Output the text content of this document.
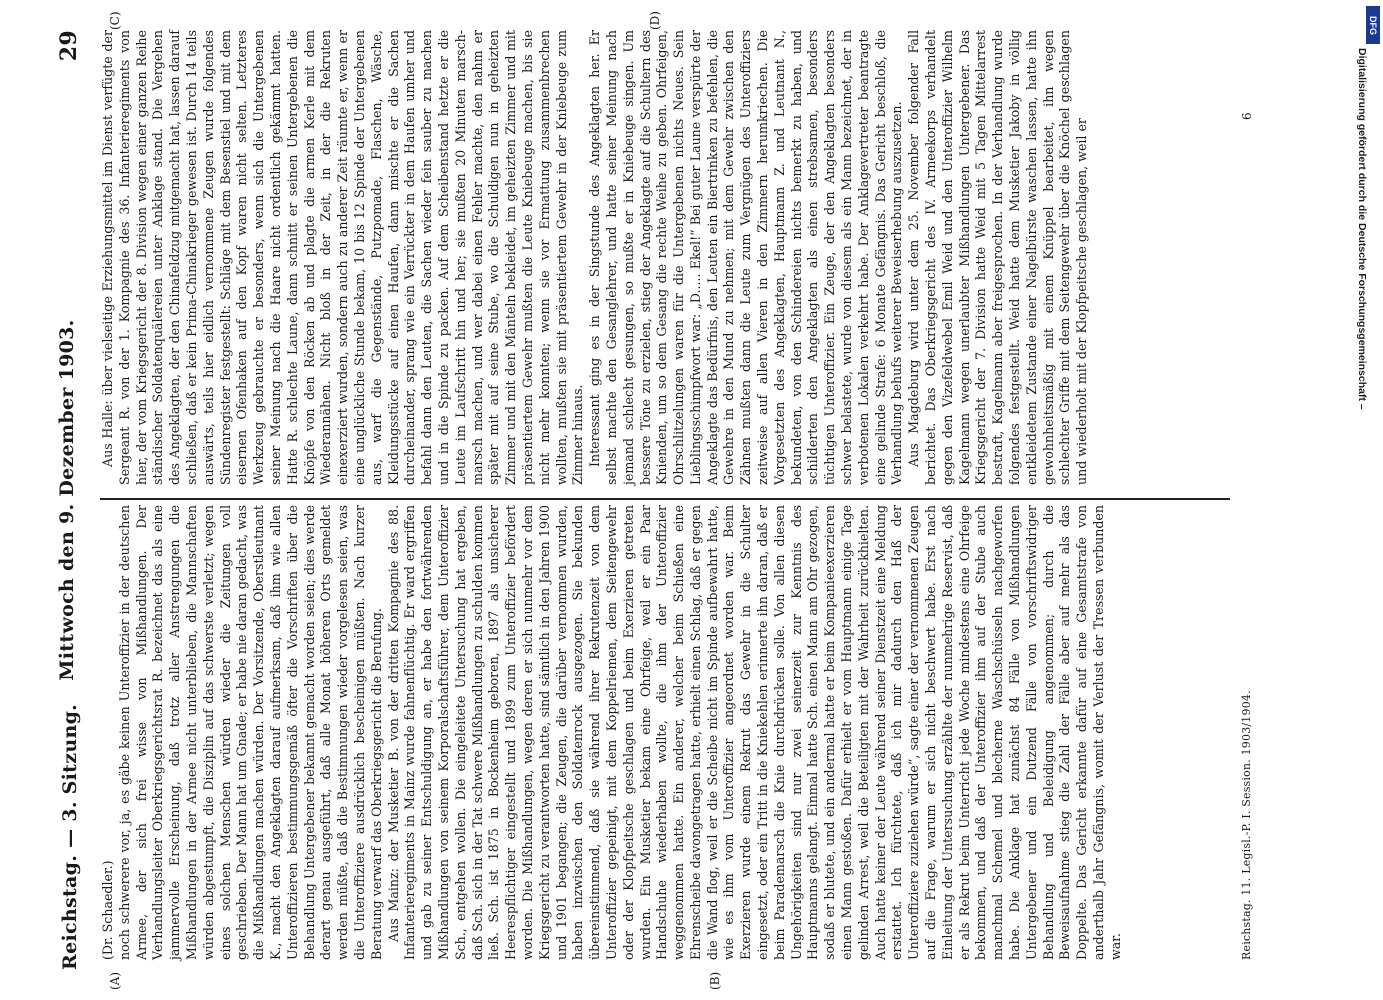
Reichstag. — 3. Sitzung.
Mittwoch den 9. Dezember 1903.
29
(A)	(B)
(C)	(D)

(Dr. Schaedler.) noch schwerere vor, ja, es gäbe keinen Unteroffizier in der deutschen Armee, der sich frei wisse von Mißhandlungen. Der Verhandlungsleiter Oberkriegsgerichtsrat R. bezeichnet das als eine jammervolle Erscheinung, daß trotz aller Anstrengungen die Mißhandlungen in der Armee nicht unterblieben, die Mannschaften würden abgestumpft, die Disziplin auf das schwerste verletzt; wegen eines solchen Menschen würden wieder die Zeitungen voll geschrieben. Der Mann hat um Gnade; er habe nie daran gedacht, was die Mißhandlungen machen würden. Der Vorsitzende, Oberstleutnant K., macht den Angeklagten darauf aufmerksam, daß ihm wie allen Unteroffizieren bestimmungsgemäß öfter die Vorschriften über die Behandlung Untergebener bekannt gemacht worden seien; dies werde derart genau ausgeführt, daß alle Monat höheren Orts gemeldet werden müßte, daß die Bestimmungen wieder vorgelesen seien, was die Unteroffiziere ausdrücklich bescheinigen müßten. Nach kurzer Beratung verwarf das Oberkriegsgericht die Berufung. Aus Mainz: der Musketier B. von der dritten Kompagnie des 88. Infanterieregiments in Mainz wurde fahnenflüchtig. Er ward ergriffen und gab zu seiner Entschuldigung an, er habe den fortwährenden Mißhandlungen von seinem Korporalschaftsführer, dem Unteroffizier Sch., entgehen wollen. Die eingeleitete Untersuchung hat ergeben, daß Sch. sich in der Tat schwere Mißhandlungen zu schulden kommen ließ. Sch. ist 1875 in Bockenheim geboren, 1897 als unsicherer Heerespflichtiger eingestellt und 1899 zum Unteroffizier befördert worden. Die Mißhandlungen, wegen deren er sich nunmehr vor dem Kriegsgericht zu verantworten hatte, sind sämtlich in den Jahren 1900 und 1901 begangen; die Zeugen, die darüber vernommen wurden, haben inzwischen den Soldatenrock ausgezogen. Sie bekunden übereinstimmend, daß sie während ihrer Rekrutenzeit von dem Unteroffizier gepeinigt, mit dem Koppelriemen, dem Seitengewehr oder der Klopfpeitsche geschlagen und beim Exerzieren getreten wurden. Ein Musketier bekam eine Ohrfeige, weil er ein Paar Handschuhe wiederhaben wollte, die ihm der Unteroffizier weggenommen hatte. Ein anderer, welcher beim Schießen eine Ehrenscheibe davongetragen hatte, erhielt einen Schlag, daß er gegen die Wand flog, weil er die Scheibe nicht im Spinde aufbewahrt hatte, wie es ihm vom Unteroffizier angeordnet worden war. Beim Exerzieren wurde einem Rekrut das Gewehr in die Schulter eingesetzt, oder ein Tritt in die Kniekehlen erinnerte ihn daran, daß er beim Parademarsch die Knie durchdrücken solle. Von allen diesen Ungehörigkeiten sind nur zwei seinerzeit zur Kenntnis des Hauptmanns gelangt. Einmal hatte Sch. einen Mann am Ohr gezogen, sodaß er blutete, und ein andermal hatte er beim Kompanieexerzieren einen Mann gestoßen. Dafür erhielt er vom Hauptmann einige Tage gelinden Arrest, weil die Beteiligten mit der Wahrheit zurückhielten. Auch hatte keiner der Leute während seiner Dienstzeit eine Meldung erstattet. Ich fürchtete, daß ich mir dadurch den Haß der Unteroffiziere zuziehen würde“, sagte einer der vernommenen Zeugen auf die Frage, warum er sich nicht beschwert habe. Erst nach Einleitung der Untersuchung erzählte der nunmehrige Reservist, daß er als Rekrut beim Unterricht jede Woche mindestens eine Ohrfeige bekommen, und daß der Unteroffizier ihm auf der Stube auch manchmal Schemel und blecherne Waschschüsseln nachgeworfen habe. Die Anklage hat zunächst 84 Fälle von Mißhandlungen Untergebener und ein Dutzend Fälle von vorschriftswidriger Behandlung und Beleidigung angenommen; durch die Beweisaufnahme stieg die Zahl der Fälle aber auf mehr als das Doppelte. Das Gericht erkannte dafür auf eine Gesamtstrafe von anderthalb Jahr Gefängnis, womit der Verlust der Tressen verbunden war.

Aus Halle: über vielseitige Erziehungsmittel im Dienst verfügte der Sergeant R. von der 1. Kompagnie des 36. Infanterieregiments von hier, der vom Kriegsgericht der 8. Division wegen einer ganzen Reihe ständischer Soldatenquälereien unter Anklage stand. Die Vergehen des Angeklagten, der den Chinafeldzug mitgemacht hat, lassen darauf schließen, daß er kein Prima-Chinakrieger gewesen ist. Durch 14 teils auswärts, teils hier eidlich vernommene Zeugen wurde folgendes Sündenregister festgestellt: Schläge mit dem Besenstiel und mit dem eisernen Ofenhaken auf den Kopf waren nicht selten. Letzteres Werkzeug gebrauchte er besonders, wenn sich die Untergebenen seiner Meinung nach die Haare nicht ordentlich gekämmt hatten. Hatte R. schlechte Laune, dann schnitt er seinen Untergebenen die Knöpfe von den Röcken ab und plagte die armen Kerle mit dem Wiederannähen. Nicht bloß in der Zeit, in der die Rekruten einexerziert wurden, sondern auch zu anderer Zeit räumte er, wenn er eine unglückliche Stunde bekam, 10 bis 12 Spinde der Untergebenen aus, warf die Gegenstände, Putzpomade, Flaschen, Wäsche, Kleidungsstücke auf einen Haufen, dann mischte er die Sachen durcheinander, sprang wie ein Verrückter in dem Haufen umher und befahl dann den Leuten, die Sachen wieder fein sauber zu machen und in die Spinde zu packen. Auf dem Scheibenstand hetzte er die Leute im Laufschritt hin und her; sie mußten 20 Minuten marsch-marsch machen, und wer dabei einen Fehler machte, den nahm er später mit auf seine Stube, wo die Schuldigen nun in geheizten Zimmer und mit den Mänteln bekleidet, im geheizten Zimmer und mit präsentiertem Gewehr mußten die Leute Kniebeuge machen, bis sie nicht mehr konnten; wenn sie vor Ermattung zusammenbrechen wollten, mußten sie mit präsentiertem Gewehr in der Kniebeuge zum Zimmer hinaus. Interessant ging es in der Singstunde des Angeklagten her. Er selbst machte den Gesanglehrer, und hatte seiner Meinung nach jemand schlecht gesungen, so mußte er in Kniebeuge singen. Um bessere Töne zu erzielen, stieg der Angeklagte auf die Schultern des Knienden, um so dem Gesang die rechte Weihe zu geben. Ohrfeigen, Ohrschlitzelungen waren für die Untergebenen nichts Neues. Sein Lieblingsschimpfwort war: „D..... Ekel!“ Bei guter Laune verspürte der Angeklagte das Bedürfnis, den Leuten ein Biertrinken zu befehlen, die Gewehre in den Mund zu nehmen; mit dem Gewehr zwischen den Zähnen mußten dann die Leute zum Vergnügen des Unteroffiziers zeitweise auf allen Vieren in den Zimmern herumkriechen. Die Vorgesetzten des Angeklagten, Hauptmann Z. und Leutnant N., bekundeten, von den Schindereien nichts bemerkt zu haben, und schilderten den Angeklagten als einen strebsamen, besonders tüchtigen Unteroffizier. Ein Zeuge, der den Angeklagten besonders schwer belastete, wurde von diesem als ein Mann bezeichnet, der in verbotenen Lokalen verkehrt habe. Der Anklagevertreter beantragte eine gelinde Strafe: 6 Monate Gefängnis. Das Gericht beschloß, die Verhandlung behufs weiterer Beweiserhebung auszusetzen. Aus Magdeburg wird unter dem 25. November folgender Fall berichtet. Das Oberkriegsgericht des IV. Armeekorps verhandelt gegen den Vizefeldwebel Emil Weid und den Unteroffizier Wilhelm Kagelmann wegen unerlaubter Mißhandlungen Untergebener. Das Kriegsgericht der 7. Division hatte Weid mit 5 Tagen Mittelarrest bestraft, Kagelmann aber freigesprochen. In der Verhandlung wurde folgendes festgestellt. Weid hatte dem Musketier Jakoby in völlig entkleidetem Zustande einer Nagelbürste waschen lassen, hatte ihn gewohnheitsmäßig mit einem Knüppel bearbeitet, ihn wegen schlechter Griffe mit dem Seitengewehr über die Knöchel geschlagen und wiederholt mit der Klopfpeitsche geschlagen, weil er

Reichstag. 11. Legisl.-P. I. Session. 1903/1904.
6
DFG
Digitalisierung gefördert durch die Deutsche Forschungsgemeinschaft –
